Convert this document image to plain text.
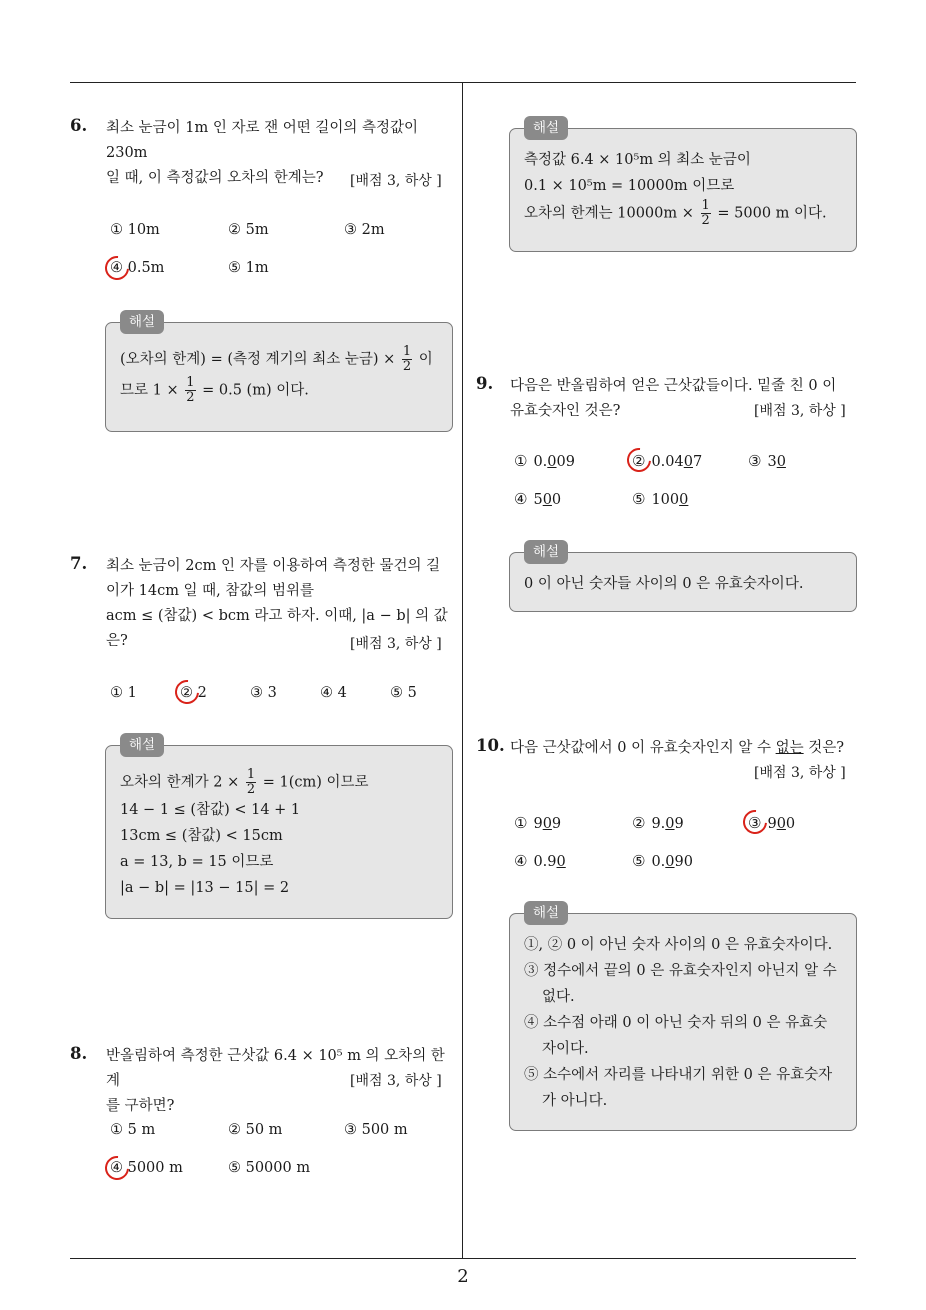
2
6. 최소 눈금이 1m 인 자로 잰 어떤 길이의 측정값이 230m
일 때, 이 측정값의 오차의 한계는?	[배점 3, 하상 ]
① 10m	② 5m	③ 2m
④ 0.5m	⑤ 1m
해설
(오차의 한계) = (측정 계기의 최소 눈금) × $\frac{1}{2}$ 이
므로 $1 \times \frac{1}{2} = 0.5$ (m) 이다.
7. 최소 눈금이 2cm 인 자를 이용하여 측정한 물건의 길
이가 14cm 일 때, 참값의 범위를
acm ≤ (참값) < bcm 라고 하자. 이때, |a − b| 의 값은?	[배점 3, 하상 ]
① 1	② 2	③ 3	④ 4	⑤ 5
해설
오차의 한계가 $2 \times \frac{1}{2} = 1(cm)$ 이므로
14 − 1 ≤ (참값) < 14 + 1
13cm ≤ (참값) < 15cm
a = 13, b = 15 이므로
|a − b| = |13 − 15| = 2
8. 반올림하여 측정한 근삿값 6.4 × 10⁵ m 의 오차의 한계
를 구하면?
[배점 3, 하상 ]
① 5 m	② 50 m	③ 500 m
④ 5000 m	⑤ 50000 m
해설
측정값 6.4 × 10⁵m 의 최소 눈금이
0.1 × 10⁵m = 10000m 이므로
오차의 한계는 $10000m \times \frac{1}{2} = 5000$ m 이다.
9. 다음은 반올림하여 얻은 근삿값들이다. 밑줄 친 0 이
유효숫자인 것은?	[배점 3, 하상 ]
① 0.009	② 0.0407	③ 30
④ 500	⑤ 1000
해설
0 이 아닌 숫자들 사이의 0 은 유효숫자이다.
10. 다음 근삿값에서 0 이 유효숫자인지 알 수 없는 것은?
[배점 3, 하상 ]
① 909	② 9.09	③ 900
④ 0.90	⑤ 0.090
해설
①, ② 0 이 아닌 숫자 사이의 0 은 유효숫자이다.
③ 정수에서 끝의 0 은 유효숫자인지 아닌지 알 수
없다.
④ 소수점 아래 0 이 아닌 숫자 뒤의 0 은 유효숫
자이다.
⑤ 소수에서 자리를 나타내기 위한 0 은 유효숫자
가 아니다.
